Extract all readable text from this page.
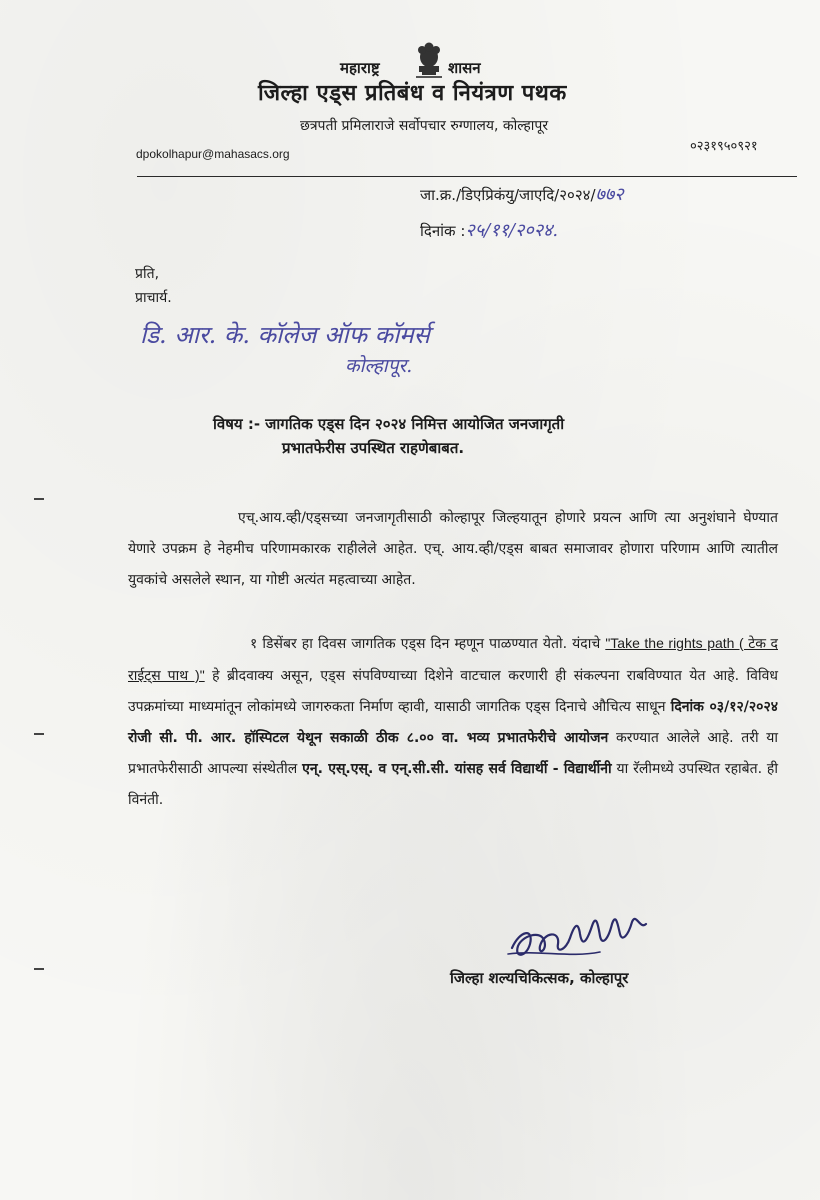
महाराष्ट्र	शासन
जिल्हा एड्स प्रतिबंध व नियंत्रण पथक
छत्रपती प्रमिलाराजे सर्वोपचार रुग्णालय, कोल्हापूर
dpokolhapur@mahasacs.org	०२३१९५०९२१
जा.क्र./डिएप्रिकंयु/जाएदि/२०२४/७७२
दिनांक :२५/११/२०२४.
प्रति,
प्राचार्य.
डि. आर. के. कॉलेज ऑफ कॉमर्स
कोल्हापूर.
विषय :- जागतिक एड्स दिन २०२४ निमित्त आयोजित जनजागृती
प्रभातफेरीस उपस्थित राहणेबाबत.
एच्.आय.व्ही/एड्सच्या जनजागृतीसाठी कोल्हापूर जिल्हयातून होणारे प्रयत्न आणि त्या अनुशंघाने घेण्यात येणारे उपक्रम हे नेहमीच परिणामकारक राहीलेले आहेत. एच्. आय.व्ही/एड्स बाबत समाजावर होणारा परिणाम आणि त्यातील युवकांचे असलेले स्थान, या गोष्टी अत्यंत महत्वाच्या आहेत.
१ डिसेंबर हा दिवस जागतिक एड्स दिन म्हणून पाळण्यात येतो. यंदाचे "Take the rights path ( टेक द राईट्स पाथ )" हे ब्रीदवाक्य असून, एड्स संपविण्याच्या दिशेने वाटचाल करणारी ही संकल्पना राबविण्यात येत आहे. विविध उपक्रमांच्या माध्यमांतून लोकांमध्ये जागरुकता निर्माण व्हावी, यासाठी जागतिक एड्स दिनाचे औचित्य साधून दिनांक ०३/१२/२०२४ रोजी सी. पी. आर. हॉस्पिटल येथून सकाळी ठीक ८.०० वा. भव्य प्रभातफेरीचे आयोजन करण्यात आलेले आहे. तरी या प्रभातफेरीसाठी आपल्या संस्थेतील एन्. एस्.एस्. व एन्.सी.सी. यांसह सर्व विद्यार्थी - विद्यार्थीनी या रॅलीमध्ये उपस्थित रहाबेत. ही विनंती.
जिल्हा शल्यचिकित्सक, कोल्हापूर
